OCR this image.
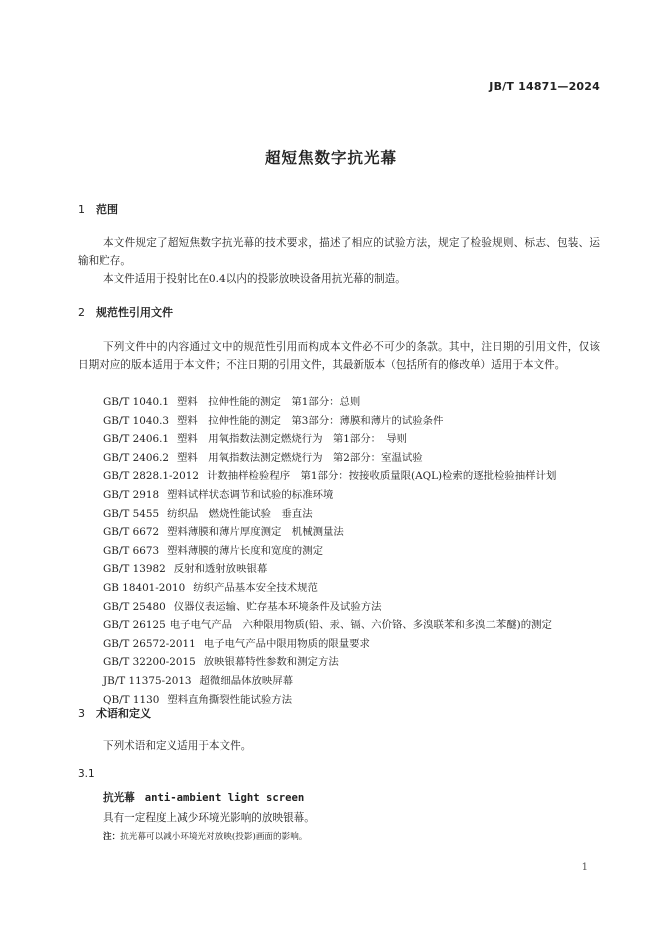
JB/T 14871—2024
超短焦数字抗光幕
1 范围

本文件规定了超短焦数字抗光幕的技术要求，描述了相应的试验方法，规定了检验规则、标志、包装、运输和贮存。

本文件适用于投射比在0.4以内的投影放映设备用抗光幕的制造。

2 规范性引用文件

下列文件中的内容通过文中的规范性引用而构成本文件必不可少的条款。其中，注日期的引用文件，仅该日期对应的版本适用于本文件；不注日期的引用文件，其最新版本（包括所有的修改单）适用于本文件。

GB/T 1040.1 塑料　拉伸性能的测定　第1部分：总则
GB/T 1040.3 塑料　拉伸性能的测定　第3部分：薄膜和薄片的试验条件
GB/T 2406.1 塑料　用氧指数法测定燃烧行为　第1部分：　导则
GB/T 2406.2 塑料　用氧指数法测定燃烧行为　第2部分：室温试验
GB/T 2828.1-2012 计数抽样检验程序　第1部分：按接收质量限(AQL)检索的逐批检验抽样计划
GB/T 2918 塑料试样状态调节和试验的标准环境
GB/T 5455 纺织品　燃烧性能试验　垂直法
GB/T 6672 塑料薄膜和薄片厚度测定　机械测量法
GB/T 6673 塑料薄膜的薄片长度和宽度的测定
GB/T 13982 反射和透射放映银幕
GB 18401-2010 纺织产品基本安全技术规范
GB/T 25480 仪器仪表运输、贮存基本环境条件及试验方法
GB/T 26125 电子电气产品　六种限用物质(铅、汞、镉、六价铬、多溴联苯和多溴二苯醚)的测定
GB/T 26572-2011 电子电气产品中限用物质的限量要求
GB/T 32200-2015 放映银幕特性参数和测定方法
JB/T 11375-2013 超微细晶体放映屏幕
QB/T 1130 塑料直角撕裂性能试验方法
3 术语和定义

下列术语和定义适用于本文件。

3.1
抗光幕 anti-ambient light screen
具有一定程度上减少环境光影响的放映银幕。
注：抗光幕可以减小环境光对放映(投影)画面的影响。
1
